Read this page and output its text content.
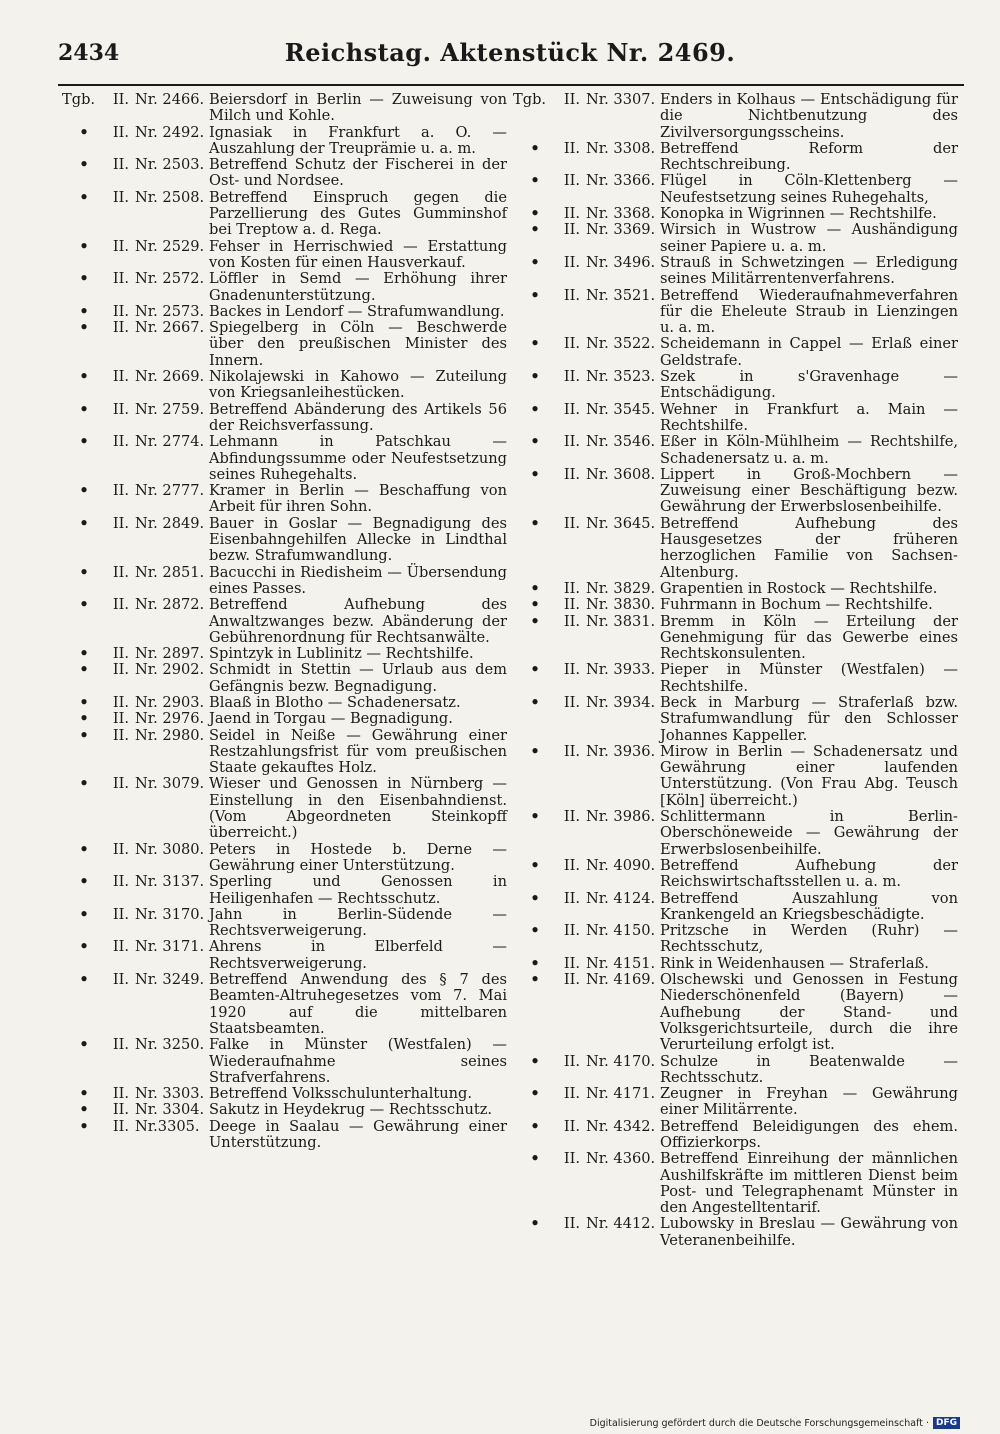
2434	Reichstag. Aktenstück Nr. 2469.
Tgb.	II. Nr. 2466. Beiersdorf in Berlin — Zuweisung von Milch und Kohle.
•	II. Nr. 2492. Ignasiak in Frankfurt a. O. — Auszahlung der Treuprämie u. a. m.
•	II. Nr. 2503. Betreffend Schutz der Fischerei in der Ost- und Nordsee.
•	II. Nr. 2508. Betreffend Einspruch gegen die Parzellierung des Gutes Gumminshof bei Treptow a. d. Rega.
•	II. Nr. 2529. Fehser in Herrischwied — Erstattung von Kosten für einen Hausverkauf.
•	II. Nr. 2572. Löffler in Semd — Erhöhung ihrer Gnadenunterstützung.
•	II. Nr. 2573. Backes in Lendorf — Strafumwandlung.
•	II. Nr. 2667. Spiegelberg in Cöln — Beschwerde über den preußischen Minister des Innern.
•	II. Nr. 2669. Nikolajewski in Kahowo — Zuteilung von Kriegsanleihestücken.
•	II. Nr. 2759. Betreffend Abänderung des Artikels 56 der Reichsverfassung.
•	II. Nr. 2774. Lehmann in Patschkau — Abfindungssumme oder Neufestsetzung seines Ruhegehalts.
•	II. Nr. 2777. Kramer in Berlin — Beschaffung von Arbeit für ihren Sohn.
•	II. Nr. 2849. Bauer in Goslar — Begnadigung des Eisenbahngehilfen Allecke in Lindthal bezw. Strafumwandlung.
•	II. Nr. 2851. Bacucchi in Riedisheim — Übersendung eines Passes.
•	II. Nr. 2872. Betreffend Aufhebung des Anwaltzwanges bezw. Abänderung der Gebührenordnung für Rechtsanwälte.
•	II. Nr. 2897. Spintzyk in Lublinitz — Rechtshilfe.
•	II. Nr. 2902. Schmidt in Stettin — Urlaub aus dem Gefängnis bezw. Begnadigung.
•	II. Nr. 2903. Blaaß in Blotho — Schadenersatz.
•	II. Nr. 2976. Jaend in Torgau — Begnadigung.
•	II. Nr. 2980. Seidel in Neiße — Gewährung einer Restzahlungsfrist für vom preußischen Staate gekauftes Holz.
•	II. Nr. 3079. Wieser und Genossen in Nürnberg — Einstellung in den Eisenbahndienst. (Vom Abgeordneten Steinkopff überreicht.)
•	II. Nr. 3080. Peters in Hostede b. Derne — Gewährung einer Unterstützung.
•	II. Nr. 3137. Sperling und Genossen in Heiligenhafen — Rechtsschutz.
•	II. Nr. 3170. Jahn in Berlin-Südende — Rechtsverweigerung.
•	II. Nr. 3171. Ahrens in Elberfeld — Rechtsverweigerung.
•	II. Nr. 3249. Betreffend Anwendung des § 7 des Beamten-Altruhegesetzes vom 7. Mai 1920 auf die mittelbaren Staatsbeamten.
•	II. Nr. 3250. Falke in Münster (Westfalen) — Wiederaufnahme seines Strafverfahrens.
•	II. Nr. 3303. Betreffend Volksschulunterhaltung.
•	II. Nr. 3304. Sakutz in Heydekrug — Rechtsschutz.
•	II. Nr.3305. Deege in Saalau — Gewährung einer Unterstützung.
Tgb.	II. Nr. 3307. Enders in Kolhaus — Entschädigung für die Nichtbenutzung des Zivilversorgungsscheins.
•	II. Nr. 3308. Betreffend Reform der Rechtschreibung.
•	II. Nr. 3366. Flügel in Cöln-Klettenberg — Neufestsetzung seines Ruhegehalts,
•	II. Nr. 3368. Konopka in Wigrinnen — Rechtshilfe.
•	II. Nr. 3369. Wirsich in Wustrow — Aushändigung seiner Papiere u. a. m.
•	II. Nr. 3496. Strauß in Schwetzingen — Erledigung seines Militärrentenverfahrens.
•	II. Nr. 3521. Betreffend Wiederaufnahmeverfahren für die Eheleute Straub in Lienzingen u. a. m.
•	II. Nr. 3522. Scheidemann in Cappel — Erlaß einer Geldstrafe.
•	II. Nr. 3523. Szek in s'Gravenhage — Entschädigung.
•	II. Nr. 3545. Wehner in Frankfurt a. Main — Rechtshilfe.
•	II. Nr. 3546. Eßer in Köln-Mühlheim — Rechtshilfe, Schadenersatz u. a. m.
•	II. Nr. 3608. Lippert in Groß-Mochbern — Zuweisung einer Beschäftigung bezw. Gewährung der Erwerbslosenbeihilfe.
•	II. Nr. 3645. Betreffend Aufhebung des Hausgesetzes der früheren herzoglichen Familie von Sachsen-Altenburg.
•	II. Nr. 3829. Grapentien in Rostock — Rechtshilfe.
•	II. Nr. 3830. Fuhrmann in Bochum — Rechtshilfe.
•	II. Nr. 3831. Bremm in Köln — Erteilung der Genehmigung für das Gewerbe eines Rechtskonsulenten.
•	II. Nr. 3933. Pieper in Münster (Westfalen) — Rechtshilfe.
•	II. Nr. 3934. Beck in Marburg — Straferlaß bzw. Strafumwandlung für den Schlosser Johannes Kappeller.
•	II. Nr. 3936. Mirow in Berlin — Schadenersatz und Gewährung einer laufenden Unterstützung. (Von Frau Abg. Teusch [Köln] überreicht.)
•	II. Nr. 3986. Schlittermann in Berlin-Oberschöneweide — Gewährung der Erwerbslosenbeihilfe.
•	II. Nr. 4090. Betreffend Aufhebung der Reichswirtschaftsstellen u. a. m.
•	II. Nr. 4124. Betreffend Auszahlung von Krankengeld an Kriegsbeschädigte.
•	II. Nr. 4150. Pritzsche in Werden (Ruhr) — Rechtsschutz,
•	II. Nr. 4151. Rink in Weidenhausen — Straferlaß.
•	II. Nr. 4169. Olschewski und Genossen in Festung Niederschönenfeld (Bayern) — Aufhebung der Stand- und Volksgerichtsurteile, durch die ihre Verurteilung erfolgt ist.
•	II. Nr. 4170. Schulze in Beatenwalde — Rechtsschutz.
•	II. Nr. 4171. Zeugner in Freyhan — Gewährung einer Militärrente.
•	II. Nr. 4342. Betreffend Beleidigungen des ehem. Offizierkorps.
•	II. Nr. 4360. Betreffend Einreihung der männlichen Aushilfskräfte im mittleren Dienst beim Post- und Telegraphenamt Münster in den Angestelltentarif.
•	II. Nr. 4412. Lubowsky in Breslau — Gewährung von Veteranenbeihilfe.
Digitalisierung gefördert durch die Deutsche Forschungsgemeinschaft · DFG
